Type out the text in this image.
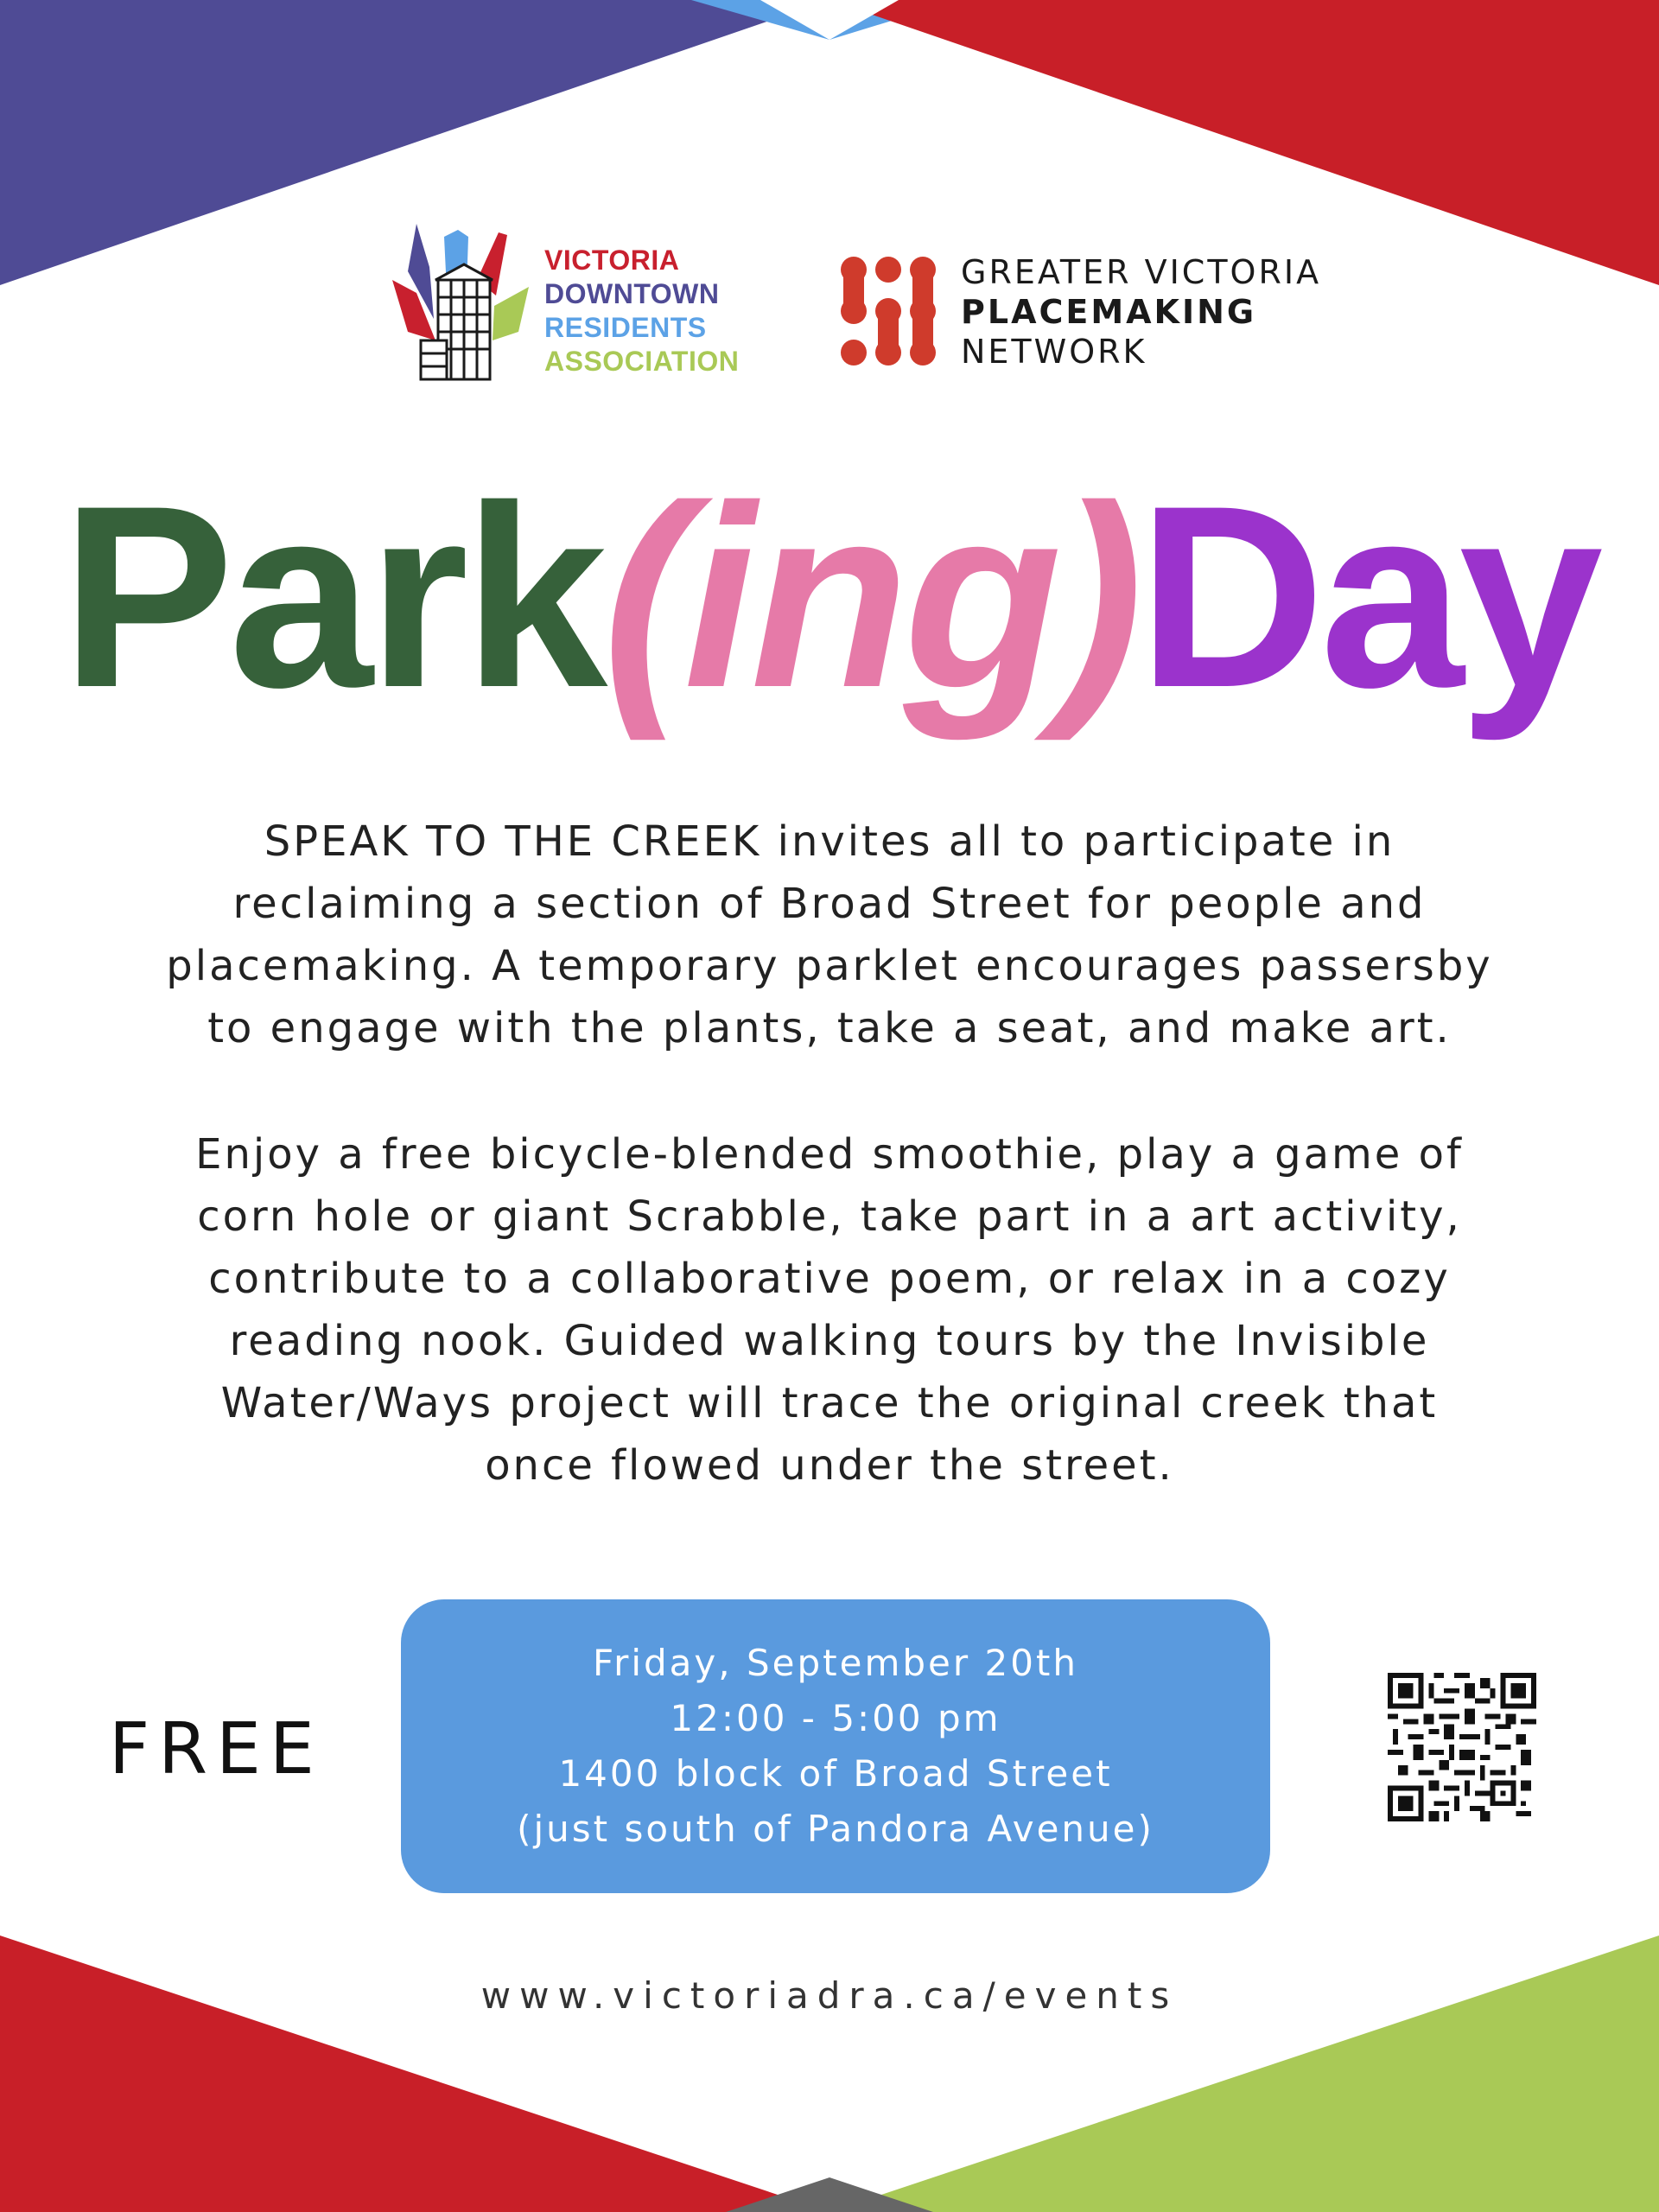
VICTORIA
DOWNTOWN
RESIDENTS
ASSOCIATION
GREATER VICTORIA
PLACEMAKING
NETWORK
Park(ing)Day
SPEAK TO THE CREEK invites all to participate in
reclaiming a section of Broad Street for people and
placemaking. A temporary parklet encourages passersby
to engage with the plants, take a seat, and make art.
Enjoy a free bicycle-blended smoothie, play a game of
corn hole or giant Scrabble, take part in a art activity,
contribute to a collaborative poem, or relax in a cozy
reading nook. Guided walking tours by the Invisible
Water/Ways project will trace the original creek that
once flowed under the street.
FREE
Friday, September 20th
12:00 - 5:00 pm
1400 block of Broad Street
(just south of Pandora Avenue)
www.victoriadra.ca/events
